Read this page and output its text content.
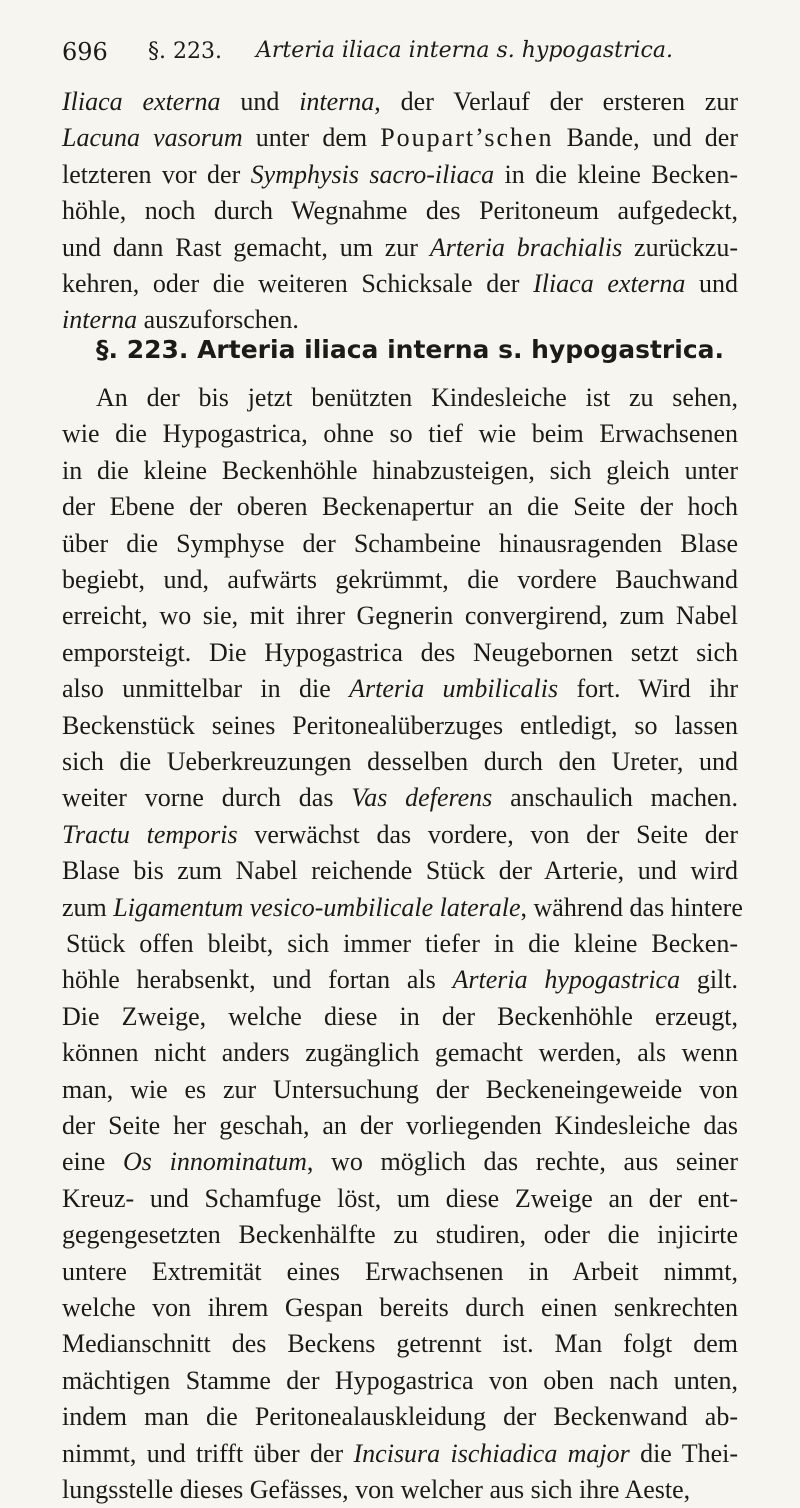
696 §. 223. Arteria iliaca interna s. hypogastrica.
Iliaca externa und interna, der Verlauf der ersteren zur
Lacuna vasorum unter dem Poupart’schen Bande, und der
letzteren vor der Symphysis sacro-iliaca in die kleine Becken-
höhle, noch durch Wegnahme des Peritoneum aufgedeckt,
und dann Rast gemacht, um zur Arteria brachialis zurückzu-
kehren, oder die weiteren Schicksale der Iliaca externa und
interna auszuforschen.
§. 223. Arteria iliaca interna s. hypogastrica.
An der bis jetzt benützten Kindesleiche ist zu sehen,
wie die Hypogastrica, ohne so tief wie beim Erwachsenen
in die kleine Beckenhöhle hinabzusteigen, sich gleich unter
der Ebene der oberen Beckenapertur an die Seite der hoch
über die Symphyse der Schambeine hinausragenden Blase
begiebt, und, aufwärts gekrümmt, die vordere Bauchwand
erreicht, wo sie, mit ihrer Gegnerin convergirend, zum Nabel
emporsteigt. Die Hypogastrica des Neugebornen setzt sich
also unmittelbar in die Arteria umbilicalis fort. Wird ihr
Beckenstück seines Peritonealüberzuges entledigt, so lassen
sich die Ueberkreuzungen desselben durch den Ureter, und
weiter vorne durch das Vas deferens anschaulich machen.
Tractu temporis verwächst das vordere, von der Seite der
Blase bis zum Nabel reichende Stück der Arterie, und wird
zum Ligamentum vesico-umbilicale laterale, während das hintere
Stück offen bleibt, sich immer tiefer in die kleine Becken-
höhle herabsenkt, und fortan als Arteria hypogastrica gilt.
Die Zweige, welche diese in der Beckenhöhle erzeugt,
können nicht anders zugänglich gemacht werden, als wenn
man, wie es zur Untersuchung der Beckeneingeweide von
der Seite her geschah, an der vorliegenden Kindesleiche das
eine Os innominatum, wo möglich das rechte, aus seiner
Kreuz- und Schamfuge löst, um diese Zweige an der ent-
gegengesetzten Beckenhälfte zu studiren, oder die injicirte
untere Extremität eines Erwachsenen in Arbeit nimmt,
welche von ihrem Gespan bereits durch einen senkrechten
Medianschnitt des Beckens getrennt ist. Man folgt dem
mächtigen Stamme der Hypogastrica von oben nach unten,
indem man die Peritonealauskleidung der Beckenwand ab-
nimmt, und trifft über der Incisura ischiadica major die Thei-
lungsstelle dieses Gefässes, von welcher aus sich ihre Aeste,
